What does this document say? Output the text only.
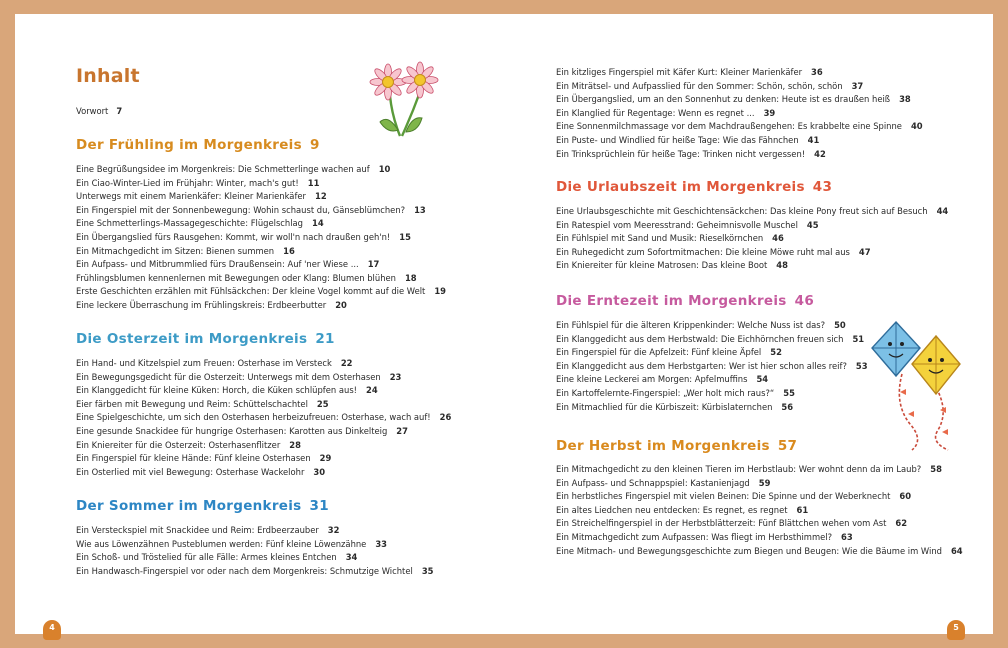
Inhalt
Vorwort 7
Der Frühling im Morgenkreis 9
Eine Begrüßungsidee im Morgenkreis: Die Schmetterlinge wachen auf 10
Ein Ciao-Winter-Lied im Frühjahr: Winter, mach's gut! 11
Unterwegs mit einem Marienkäfer: Kleiner Marienkäfer 12
Ein Fingerspiel mit der Sonnenbewegung: Wohin schaust du, Gänseblümchen? 13
Eine Schmetterlings-Massagegeschichte: Flügelschlag 14
Ein Übergangslied fürs Rausgehen: Kommt, wir woll'n nach draußen geh'n! 15
Ein Mitmachgedicht im Sitzen: Bienen summen 16
Ein Aufpass- und Mitbrummlied fürs Draußensein: Auf 'ner Wiese ... 17
Frühlingsblumen kennenlernen mit Bewegungen oder Klang: Blumen blühen 18
Erste Geschichten erzählen mit Fühlsäckchen: Der kleine Vogel kommt auf die Welt 19
Eine leckere Überraschung im Frühlingskreis: Erdbeerbutter 20
Die Osterzeit im Morgenkreis 21
Ein Hand- und Kitzelspiel zum Freuen: Osterhase im Versteck 22
Ein Bewegungsgedicht für die Osterzeit: Unterwegs mit dem Osterhasen 23
Ein Klanggedicht für kleine Küken: Horch, die Küken schlüpfen aus! 24
Eier färben mit Bewegung und Reim: Schüttelschachtel 25
Eine Spielgeschichte, um sich den Osterhasen herbeizufreuen: Osterhase, wach auf! 26
Eine gesunde Snackidee für hungrige Osterhasen: Karotten aus Dinkelteig 27
Ein Kniereiter für die Osterzeit: Osterhasenflitzer 28
Ein Fingerspiel für kleine Hände: Fünf kleine Osterhasen 29
Ein Osterlied mit viel Bewegung: Osterhase Wackelohr 30
Der Sommer im Morgenkreis 31
Ein Versteckspiel mit Snackidee und Reim: Erdbeerzauber 32
Wie aus Löwenzähnen Pusteblumen werden: Fünf kleine Löwenzähne 33
Ein Schoß- und Tröstelied für alle Fälle: Armes kleines Entchen 34
Ein Handwasch-Fingerspiel vor oder nach dem Morgenkreis: Schmutzige Wichtel 35
Ein kitzliges Fingerspiel mit Käfer Kurt: Kleiner Marienkäfer 36
Ein Miträtsel- und Aufpasslied für den Sommer: Schön, schön, schön 37
Ein Übergangslied, um an den Sonnenhut zu denken: Heute ist es draußen heiß 38
Ein Klanglied für Regentage: Wenn es regnet ... 39
Eine Sonnenmilchmassage vor dem Machdraußengehen: Es krabbelte eine Spinne 40
Ein Puste- und Windlied für heiße Tage: Wie das Fähnchen 41
Ein Trinksprüchlein für heiße Tage: Trinken nicht vergessen! 42
Die Urlaubszeit im Morgenkreis 43
Eine Urlaubsgeschichte mit Geschichtensäckchen: Das kleine Pony freut sich auf Besuch 44
Ein Ratespiel vom Meeresstrand: Geheimnisvolle Muschel 45
Ein Fühlspiel mit Sand und Musik: Rieselkörnchen 46
Ein Ruhegedicht zum Sofortmitmachen: Die kleine Möwe ruht mal aus 47
Ein Kniereiter für kleine Matrosen: Das kleine Boot 48
Die Erntezeit im Morgenkreis 46
Ein Fühlspiel für die älteren Krippenkinder: Welche Nuss ist das? 50
Ein Klanggedicht aus dem Herbstwald: Die Eichhörnchen freuen sich 51
Ein Fingerspiel für die Apfelzeit: Fünf kleine Äpfel 52
Ein Klanggedicht aus dem Herbstgarten: Wer ist hier schon alles reif? 53
Eine kleine Leckerei am Morgen: Apfelmuffins 54
Ein Kartoffelernte-Fingerspiel: „Wer holt mich raus?“ 55
Ein Mitmachlied für die Kürbiszeit: Kürbislaternchen 56
Der Herbst im Morgenkreis 57
Ein Mitmachgedicht zu den kleinen Tieren im Herbstlaub: Wer wohnt denn da im Laub? 58
Ein Aufpass- und Schnappspiel: Kastanienjagd 59
Ein herbstliches Fingerspiel mit vielen Beinen: Die Spinne und der Weberknecht 60
Ein altes Liedchen neu entdecken: Es regnet, es regnet 61
Ein Streichelfingerspiel in der Herbstblätterzeit: Fünf Blättchen wehen vom Ast 62
Ein Mitmachgedicht zum Aufpassen: Was fliegt im Herbsthimmel? 63
Eine Mitmach- und Bewegungsgeschichte zum Biegen und Beugen: Wie die Bäume im Wind 64
4	5
